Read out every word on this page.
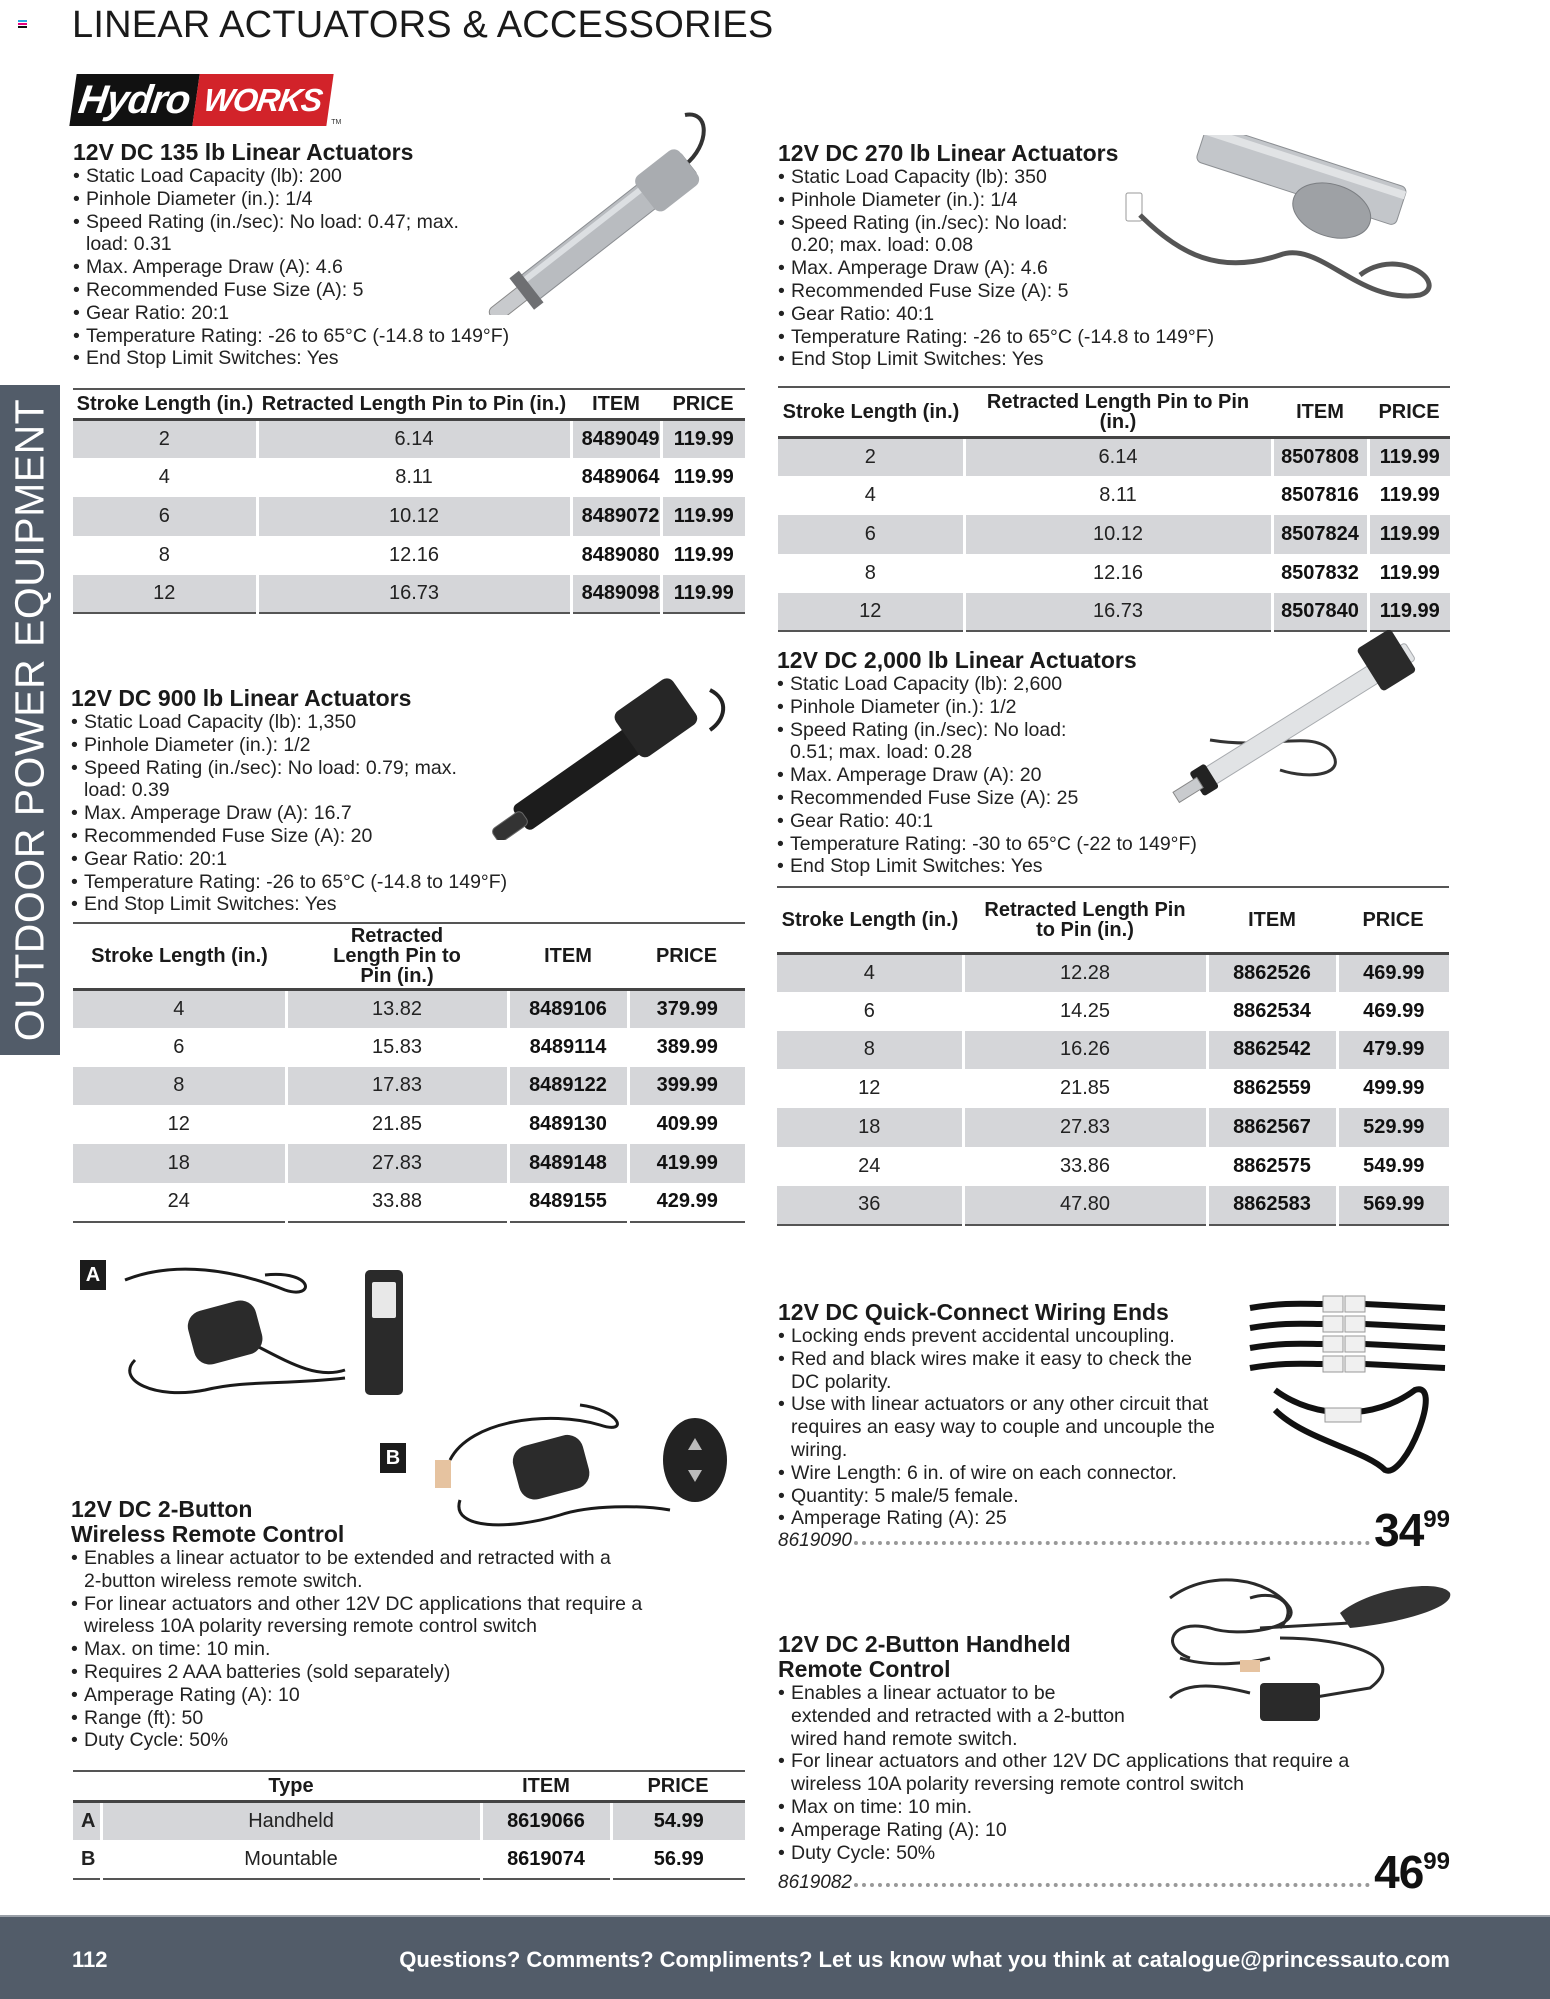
LINEAR ACTUATORS & ACCESSORIES
OUTDOOR POWER EQUIPMENT
Hydro WORKS
TM
12V DC 135 lb Linear Actuators
• Static Load Capacity (lb): 200
• Pinhole Diameter (in.): 1/4
• Speed Rating (in./sec): No load: 0.47; max. load: 0.31
• Max. Amperage Draw (A): 4.6
• Recommended Fuse Size (A): 5
• Gear Ratio: 20:1
• Temperature Rating: -26 to 65°C (-14.8 to 149°F)
• End Stop Limit Switches: Yes
Stroke Length (in.)	Retracted Length Pin to Pin (in.)	ITEM	PRICE
2	6.14	8489049	119.99
4	8.11	8489064	119.99
6	10.12	8489072	119.99
8	12.16	8489080	119.99
12	16.73	8489098	119.99
12V DC 270 lb Linear Actuators
• Static Load Capacity (lb): 350
• Pinhole Diameter (in.): 1/4
• Speed Rating (in./sec): No load: 0.20; max. load: 0.08
• Max. Amperage Draw (A): 4.6
• Recommended Fuse Size (A): 5
• Gear Ratio: 40:1
• Temperature Rating: -26 to 65°C (-14.8 to 149°F)
• End Stop Limit Switches: Yes
Stroke Length (in.)	Retracted Length Pin to Pin (in.)	ITEM	PRICE
2	6.14	8507808	119.99
4	8.11	8507816	119.99
6	10.12	8507824	119.99
8	12.16	8507832	119.99
12	16.73	8507840	119.99
12V DC 900 lb Linear Actuators
• Static Load Capacity (lb): 1,350
• Pinhole Diameter (in.): 1/2
• Speed Rating (in./sec): No load: 0.79; max. load: 0.39
• Max. Amperage Draw (A): 16.7
• Recommended Fuse Size (A): 20
• Gear Ratio: 20:1
• Temperature Rating: -26 to 65°C (-14.8 to 149°F)
• End Stop Limit Switches: Yes
Stroke Length (in.)	Retracted Length Pin to Pin (in.)	ITEM	PRICE
4	13.82	8489106	379.99
6	15.83	8489114	389.99
8	17.83	8489122	399.99
12	21.85	8489130	409.99
18	27.83	8489148	419.99
24	33.88	8489155	429.99
12V DC 2,000 lb Linear Actuators
• Static Load Capacity (lb): 2,600
• Pinhole Diameter (in.): 1/2
• Speed Rating (in./sec): No load: 0.51; max. load: 0.28
• Max. Amperage Draw (A): 20
• Recommended Fuse Size (A): 25
• Gear Ratio: 40:1
• Temperature Rating: -30 to 65°C (-22 to 149°F)
• End Stop Limit Switches: Yes
Stroke Length (in.)	Retracted Length Pin to Pin (in.)	ITEM	PRICE
4	12.28	8862526	469.99
6	14.25	8862534	469.99
8	16.26	8862542	479.99
12	21.85	8862559	499.99
18	27.83	8862567	529.99
24	33.86	8862575	549.99
36	47.80	8862583	569.99
A
B
12V DC 2-Button
Wireless Remote Control
• Enables a linear actuator to be extended and retracted with a 2-button wireless remote switch.
• For linear actuators and other 12V DC applications that require a wireless 10A polarity reversing remote control switch
• Max. on time: 10 min.
• Requires 2 AAA batteries (sold separately)
• Amperage Rating (A): 10
• Range (ft): 50
• Duty Cycle: 50%
	Type	ITEM	PRICE
A	Handheld	8619066	54.99
B	Mountable	8619074	56.99
12V DC Quick-Connect Wiring Ends
• Locking ends prevent accidental uncoupling.
• Red and black wires make it easy to check the DC polarity.
• Use with linear actuators or any other circuit that requires an easy way to couple and uncouple the wiring.
• Wire Length: 6 in. of wire on each connector.
• Quantity: 5 male/5 female.
• Amperage Rating (A): 25
8619090	34 99
12V DC 2-Button Handheld
Remote Control
• Enables a linear actuator to be extended and retracted with a 2-button wired hand remote switch.
• For linear actuators and other 12V DC applications that require a wireless 10A polarity reversing remote control switch
• Max on time: 10 min.
• Amperage Rating (A): 10
• Duty Cycle: 50%
8619082	46 99
112	Questions? Comments? Compliments? Let us know what you think at catalogue@princessauto.com
